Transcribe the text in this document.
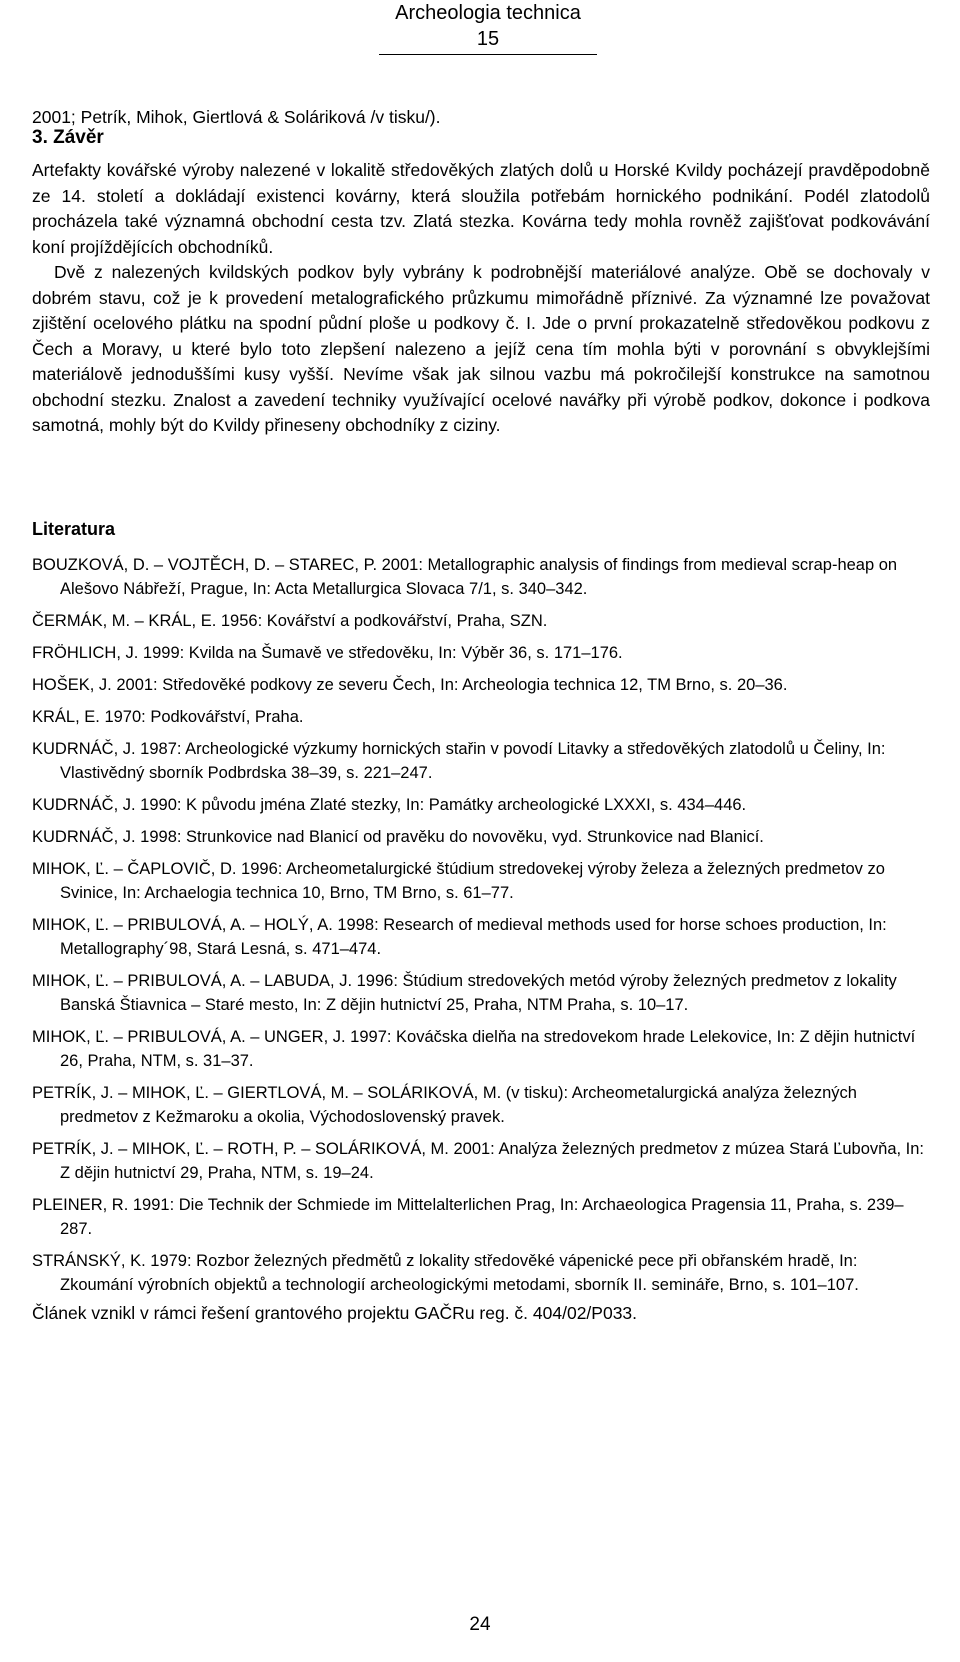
Archeologia technica
15
2001; Petrík, Mihok, Giertlová & Soláriková /v tisku/).
3. Závěr

Artefakty kovářské výroby nalezené v lokalitě středověkých zlatých dolů u Horské Kvildy pocházejí pravděpodobně ze 14. století a dokládají existenci kovárny, která sloužila potřebám hornického podnikání. Podél zlatodolů procházela také významná obchodní cesta tzv. Zlatá stezka. Kovárna tedy mohla rovněž zajišťovat podkovávání koní projíždějících obchodníků.

Dvě z nalezených kvildských podkov byly vybrány k podrobnější materiálové analýze. Obě se dochovaly v dobrém stavu, což je k provedení metalografického průzkumu mimořádně příznivé. Za významné lze považovat zjištění ocelového plátku na spodní půdní ploše u podkovy č. I. Jde o první prokazatelně středověkou podkovu z Čech a Moravy, u které bylo toto zlepšení nalezeno a jejíž cena tím mohla býti v porovnání s obvyklejšími materiálově jednoduššími kusy vyšší. Nevíme však jak silnou vazbu má pokročilejší konstrukce na samotnou obchodní stezku. Znalost a zavedení techniky využívající ocelové navářky při výrobě podkov, dokonce i podkova samotná, mohly být do Kvildy přineseny obchodníky z ciziny.

Literatura
BOUZKOVÁ, D. – VOJTĚCH, D. – STAREC, P. 2001: Metallographic analysis of findings from medieval scrap-heap on Alešovo Nábřeží, Prague, In: Acta Metallurgica Slovaca 7/1, s. 340–342.
ČERMÁK, M. – KRÁL, E. 1956: Kovářství a podkovářství, Praha, SZN.
FRÖHLICH, J. 1999: Kvilda na Šumavě ve středověku, In: Výběr 36, s. 171–176.
HOŠEK, J. 2001: Středověké podkovy ze severu Čech, In: Archeologia technica 12, TM Brno, s. 20–36.
KRÁL, E. 1970: Podkovářství, Praha.
KUDRNÁČ, J. 1987: Archeologické výzkumy hornických stařin v povodí Litavky a středověkých zlatodolů u Čeliny, In: Vlastivědný sborník Podbrdska 38–39, s. 221–247.
KUDRNÁČ, J. 1990: K původu jména Zlaté stezky, In: Památky archeologické LXXXI, s. 434–446.
KUDRNÁČ, J. 1998: Strunkovice nad Blanicí od pravěku do novověku, vyd. Strunkovice nad Blanicí.
MIHOK, Ľ. – ČAPLOVIČ, D. 1996: Archeometalurgické štúdium stredovekej výroby železa a železných predmetov zo Svinice, In: Archaelogia technica 10, Brno, TM Brno, s. 61–77.
MIHOK, Ľ. – PRIBULOVÁ, A. – HOLÝ, A. 1998: Research of medieval methods used for horse schoes production, In: Metallography´98, Stará Lesná, s. 471–474.
MIHOK, Ľ. – PRIBULOVÁ, A. – LABUDA, J. 1996: Štúdium stredovekých metód výroby železných predmetov z lokality Banská Štiavnica – Staré mesto, In: Z dějin hutnictví 25, Praha, NTM Praha, s. 10–17.
MIHOK, Ľ. – PRIBULOVÁ, A. – UNGER, J. 1997: Kováčska dielňa na stredovekom hrade Lelekovice, In: Z dějin hutnictví 26, Praha, NTM, s. 31–37.
PETRÍK, J. – MIHOK, Ľ. – GIERTLOVÁ, M. – SOLÁRIKOVÁ, M. (v tisku): Archeometalurgická analýza železných predmetov z Kežmaroku a okolia, Východoslovenský pravek.
PETRÍK, J. – MIHOK, Ľ. – ROTH, P. – SOLÁRIKOVÁ, M. 2001: Analýza železných predmetov z múzea Stará Ľubovňa, In: Z dějin hutnictví 29, Praha, NTM, s. 19–24.
PLEINER, R. 1991: Die Technik der Schmiede im Mittelalterlichen Prag, In: Archaeologica Pragensia 11, Praha, s. 239–287.
STRÁNSKÝ, K. 1979: Rozbor železných předmětů z lokality středověké vápenické pece při obřanském hradě, In: Zkoumání výrobních objektů a technologií archeologickými metodami, sborník II. semináře, Brno, s. 101–107.
Článek vznikl v rámci řešení grantového projektu GAČRu reg. č. 404/02/P033.
24
